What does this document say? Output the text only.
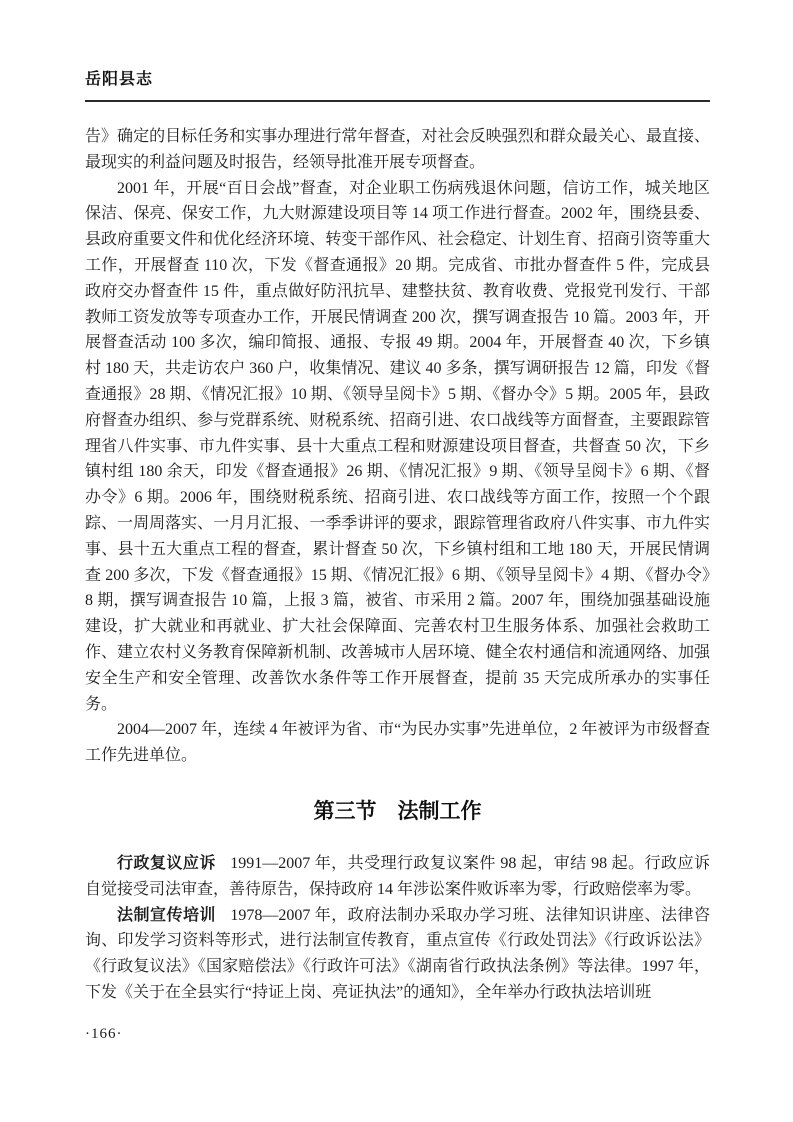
岳阳县志

告》确定的目标任务和实事办理进行常年督查，对社会反映强烈和群众最关心、最直接、最现实的利益问题及时报告，经领导批准开展专项督查。

2001 年，开展“百日会战”督查，对企业职工伤病残退休问题，信访工作，城关地区保洁、保亮、保安工作，九大财源建设项目等 14 项工作进行督查。2002 年，围绕县委、县政府重要文件和优化经济环境、转变干部作风、社会稳定、计划生育、招商引资等重大工作，开展督查 110 次，下发《督查通报》20 期。完成省、市批办督查件 5 件，完成县政府交办督查件 15 件，重点做好防汛抗旱、建整扶贫、教育收费、党报党刊发行、干部教师工资发放等专项查办工作，开展民情调查 200 次，撰写调查报告 10 篇。2003 年，开展督查活动 100 多次，编印简报、通报、专报 49 期。2004 年，开展督查 40 次，下乡镇村 180 天，共走访农户 360 户，收集情况、建议 40 多条，撰写调研报告 12 篇，印发《督查通报》28 期、《情况汇报》10 期、《领导呈阅卡》5 期、《督办令》5 期。2005 年，县政府督查办组织、参与党群系统、财税系统、招商引进、农口战线等方面督查，主要跟踪管理省八件实事、市九件实事、县十大重点工程和财源建设项目督查，共督查 50 次，下乡镇村组 180 余天，印发《督查通报》26 期、《情况汇报》9 期、《领导呈阅卡》6 期、《督办令》6 期。2006 年，围绕财税系统、招商引进、农口战线等方面工作，按照一个个跟踪、一周周落实、一月月汇报、一季季讲评的要求，跟踪管理省政府八件实事、市九件实事、县十五大重点工程的督查，累计督查 50 次，下乡镇村组和工地 180 天，开展民情调查 200 多次，下发《督查通报》15 期、《情况汇报》6 期、《领导呈阅卡》4 期、《督办令》8 期，撰写调查报告 10 篇，上报 3 篇，被省、市采用 2 篇。2007 年，围绕加强基础设施建设，扩大就业和再就业、扩大社会保障面、完善农村卫生服务体系、加强社会救助工作、建立农村义务教育保障新机制、改善城市人居环境、健全农村通信和流通网络、加强安全生产和安全管理、改善饮水条件等工作开展督查，提前 35 天完成所承办的实事任务。

2004—2007 年，连续 4 年被评为省、市“为民办实事”先进单位，2 年被评为市级督查工作先进单位。

第三节　法制工作

行政复议应诉 1991—2007 年，共受理行政复议案件 98 起，审结 98 起。行政应诉自觉接受司法审查，善待原告，保持政府 14 年涉讼案件败诉率为零，行政赔偿率为零。

法制宣传培训 1978—2007 年，政府法制办采取办学习班、法律知识讲座、法律咨询、印发学习资料等形式，进行法制宣传教育，重点宣传《行政处罚法》《行政诉讼法》《行政复议法》《国家赔偿法》《行政许可法》《湖南省行政执法条例》等法律。1997 年，下发《关于在全县实行“持证上岗、亮证执法”的通知》，全年举办行政执法培训班

·166·
